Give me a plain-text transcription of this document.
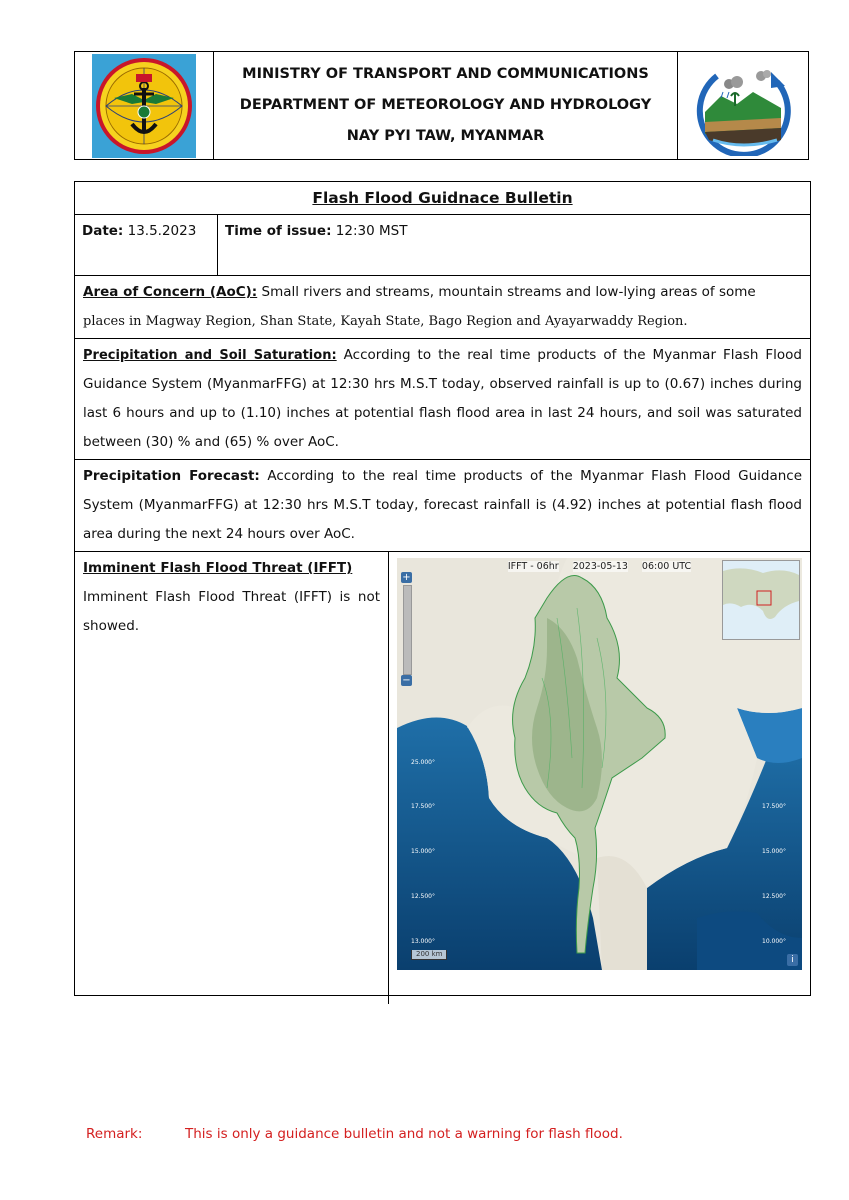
MINISTRY OF TRANSPORT AND COMMUNICATIONS
DEPARTMENT OF METEOROLOGY AND HYDROLOGY
NAY PYI TAW, MYANMAR
Flash Flood Guidnace Bulletin
Date: 13.5.2023	Time of issue: 12:30 MST
Area of Concern (AoC): Small rivers and streams, mountain streams and low-lying areas of some
places in Magway Region, Shan State, Kayah State, Bago Region and Ayayarwaddy Region.
Precipitation and Soil Saturation: According to the real time products of the Myanmar Flash Flood Guidance System (MyanmarFFG) at 12:30 hrs M.S.T today, observed rainfall is up to (0.67) inches during last 6 hours and up to (1.10) inches at potential flash flood area in last 24 hours, and soil was saturated between (30) % and (65) % over AoC.
Precipitation Forecast: According to the real time products of the Myanmar Flash Flood Guidance System (MyanmarFFG) at 12:30 hrs M.S.T today, forecast rainfall is (4.92) inches at potential flash flood area during the next 24 hours over AoC.
Imminent Flash Flood Threat (IFFT)
Imminent Flash Flood Threat (IFFT) is not showed.
25.000°
17.500°
15.000°
12.500°
13.000°
17.500°
15.000°
12.500°
10.000°
IFFT - 06hr 2023-05-13 06:00 UTC
+
−
200 km
i
Remark:	This is only a guidance bulletin and not a warning for flash flood.
